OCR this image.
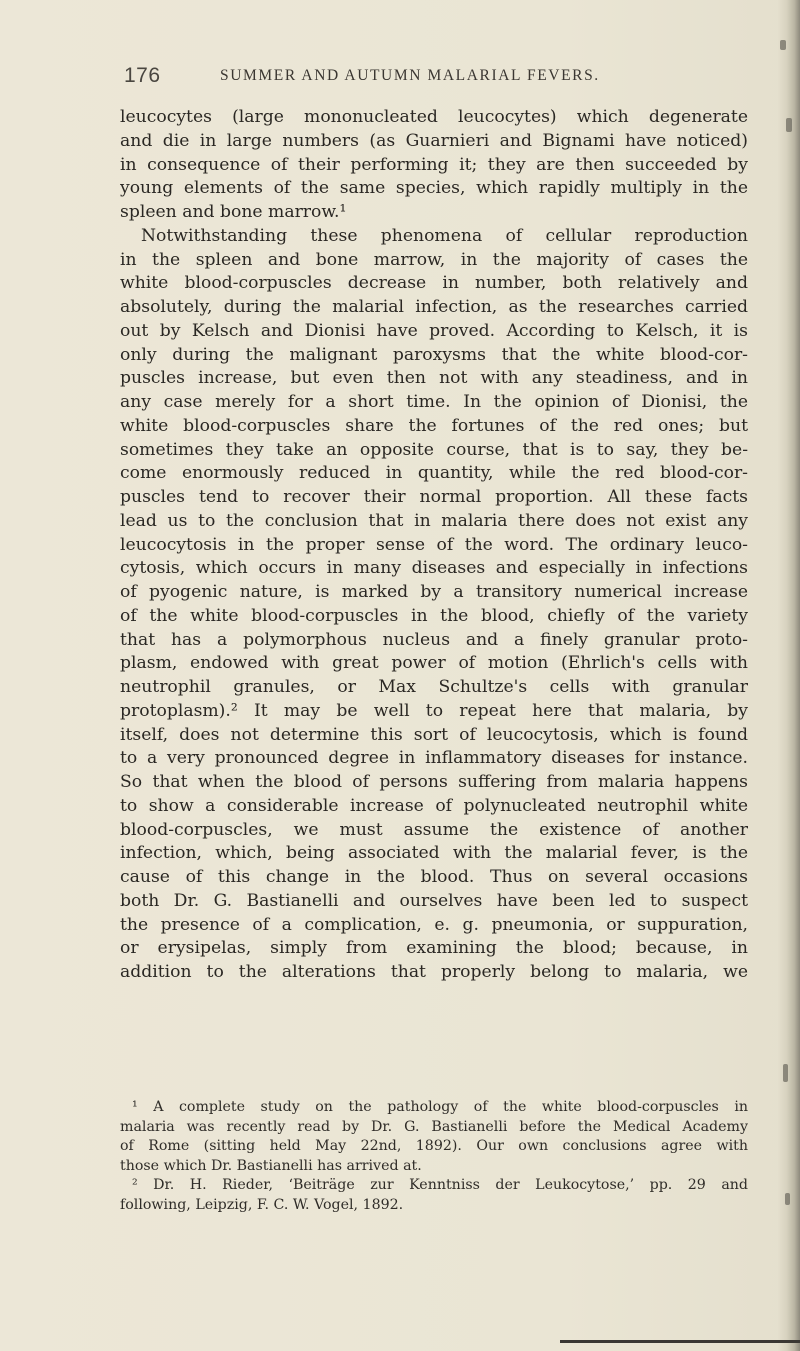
176	SUMMER AND AUTUMN MALARIAL FEVERS.
leucocytes (large mononucleated leucocytes) which degenerate
and die in large numbers (as Guarnieri and Bignami have noticed)
in consequence of their performing it; they are then succeeded by
young elements of the same species, which rapidly multiply in the
spleen and bone marrow.¹
Notwithstanding these phenomena of cellular reproduction
in the spleen and bone marrow, in the majority of cases the
white blood-corpuscles decrease in number, both relatively and
absolutely, during the malarial infection, as the researches carried
out by Kelsch and Dionisi have proved. According to Kelsch, it is
only during the malignant paroxysms that the white blood-cor-
puscles increase, but even then not with any steadiness, and in
any case merely for a short time. In the opinion of Dionisi, the
white blood-corpuscles share the fortunes of the red ones; but
sometimes they take an opposite course, that is to say, they be-
come enormously reduced in quantity, while the red blood-cor-
puscles tend to recover their normal proportion. All these facts
lead us to the conclusion that in malaria there does not exist any
leucocytosis in the proper sense of the word. The ordinary leuco-
cytosis, which occurs in many diseases and especially in infections
of pyogenic nature, is marked by a transitory numerical increase
of the white blood-corpuscles in the blood, chiefly of the variety
that has a polymorphous nucleus and a finely granular proto-
plasm, endowed with great power of motion (Ehrlich's cells with
neutrophil granules, or Max Schultze's cells with granular
protoplasm).² It may be well to repeat here that malaria, by
itself, does not determine this sort of leucocytosis, which is found
to a very pronounced degree in inflammatory diseases for instance.
So that when the blood of persons suffering from malaria happens
to show a considerable increase of polynucleated neutrophil white
blood-corpuscles, we must assume the existence of another
infection, which, being associated with the malarial fever, is the
cause of this change in the blood. Thus on several occasions
both Dr. G. Bastianelli and ourselves have been led to suspect
the presence of a complication, e. g. pneumonia, or suppuration,
or erysipelas, simply from examining the blood; because, in
addition to the alterations that properly belong to malaria, we
¹ A complete study on the pathology of the white blood-corpuscles in
malaria was recently read by Dr. G. Bastianelli before the Medical Academy
of Rome (sitting held May 22nd, 1892). Our own conclusions agree with
those which Dr. Bastianelli has arrived at.
² Dr. H. Rieder, ‘Beiträge zur Kenntniss der Leukocytose,’ pp. 29 and
following, Leipzig, F. C. W. Vogel, 1892.
